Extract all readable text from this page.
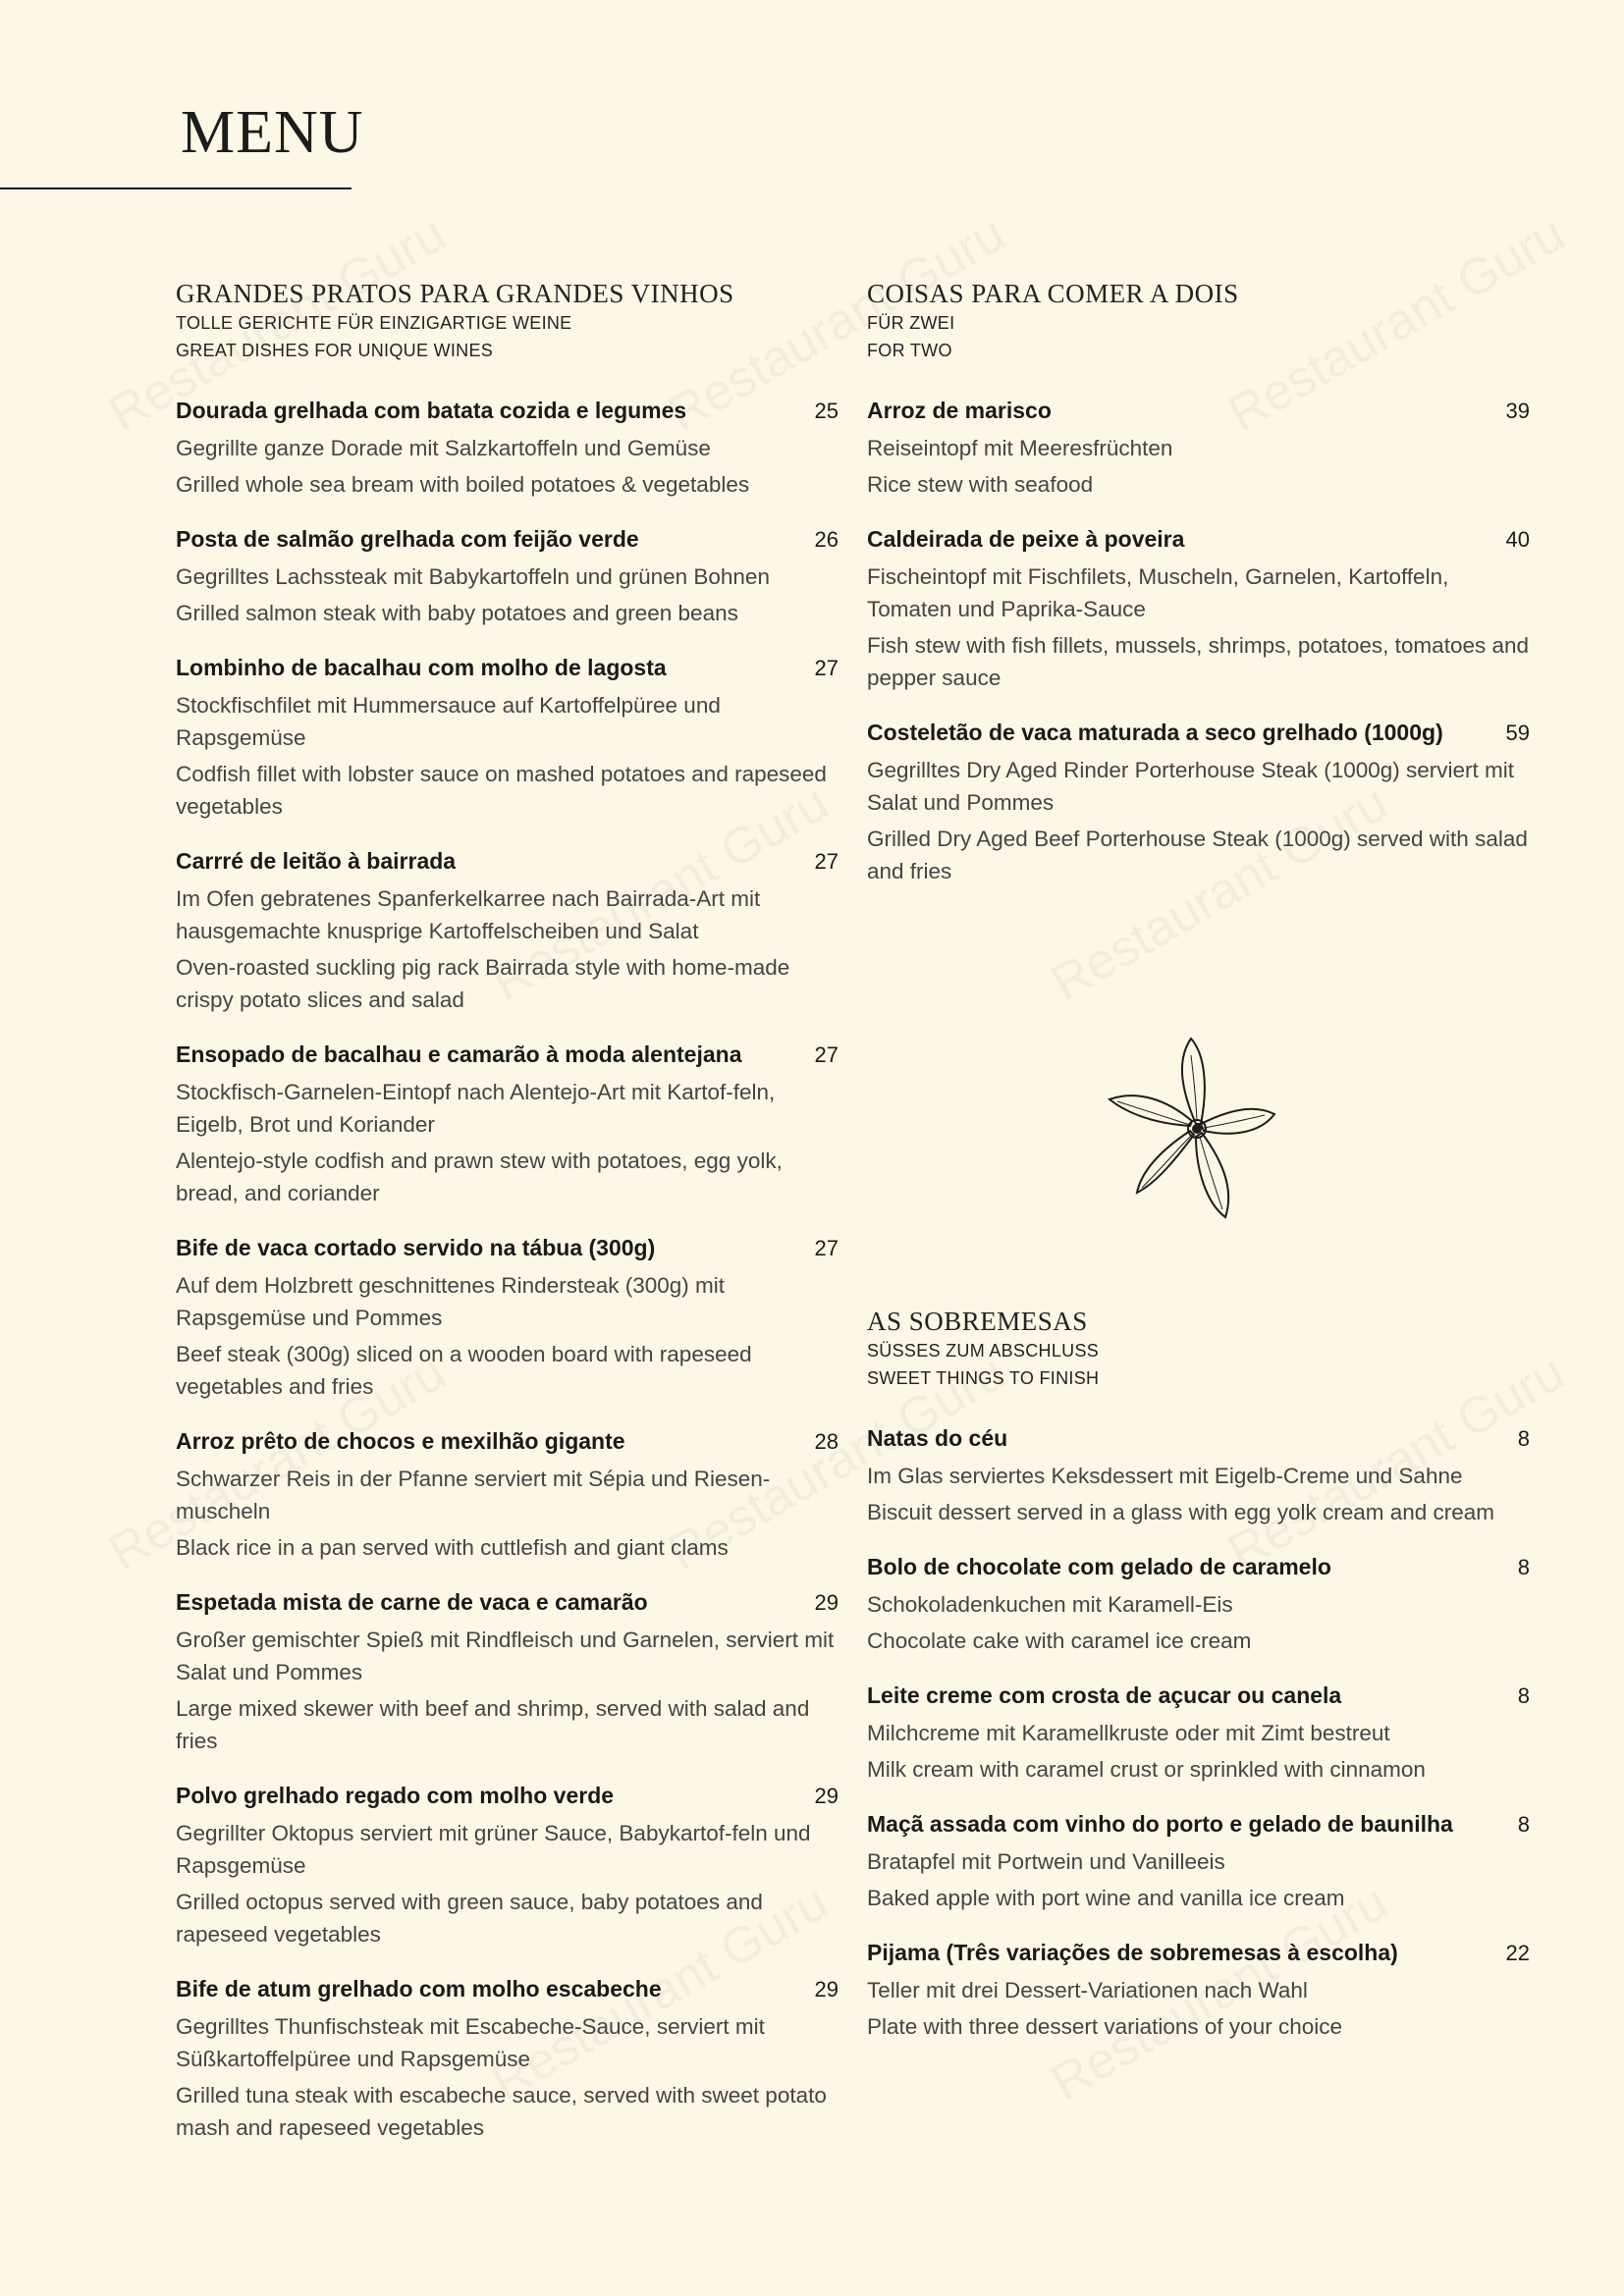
MENU
GRANDES PRATOS PARA GRANDES VINHOS
TOLLE GERICHTE FÜR EINZIGARTIGE WEINE
GREAT DISHES FOR UNIQUE WINES
Dourada grelhada com batata cozida e legumes	25
Gegrillte ganze Dorade mit Salzkartoffeln und Gemüse
Grilled whole sea bream with boiled potatoes & vegetables
Posta de salmão grelhada com feijão verde	26
Gegrilltes Lachssteak mit Babykartoffeln und grünen Bohnen
Grilled salmon steak with baby potatoes and green beans
Lombinho de bacalhau com molho de lagosta	27
Stockfischfilet mit Hummersauce auf Kartoffelpüree und Rapsgemüse
Codfish fillet with lobster sauce on mashed potatoes and rapeseed vegetables
Carrré de leitão à bairrada	27
Im Ofen gebratenes Spanferkelkarree nach Bairrada-Art mit hausgemachte knusprige Kartoffelscheiben und Salat
Oven-roasted suckling pig rack Bairrada style with home-made crispy potato slices and salad
Ensopado de bacalhau e camarão à moda alentejana	27
Stockfisch-Garnelen-Eintopf nach Alentejo-Art mit Kartof-feln, Eigelb, Brot und Koriander
Alentejo-style codfish and prawn stew with potatoes, egg yolk, bread, and coriander
Bife de vaca cortado servido na tábua (300g)	27
Auf dem Holzbrett geschnittenes Rindersteak (300g) mit Rapsgemüse und Pommes
Beef steak (300g) sliced on a wooden board with rapeseed vegetables and fries
Arroz prêto de chocos e mexilhão gigante	28
Schwarzer Reis in der Pfanne serviert mit Sépia und Riesen-muscheln
Black rice in a pan served with cuttlefish and giant clams
Espetada mista de carne de vaca e camarão	29
Großer gemischter Spieß mit Rindfleisch und Garnelen, serviert mit Salat und Pommes
Large mixed skewer with beef and shrimp, served with salad and fries
Polvo grelhado regado com molho verde	29
Gegrillter Oktopus serviert mit grüner Sauce, Babykartof-feln und Rapsgemüse
Grilled octopus served with green sauce, baby potatoes and rapeseed vegetables
Bife de atum grelhado com molho escabeche	29
Gegrilltes Thunfischsteak mit Escabeche-Sauce, serviert mit Süßkartoffelpüree und Rapsgemüse
Grilled tuna steak with escabeche sauce, served with sweet potato mash and rapeseed vegetables
COISAS PARA COMER A DOIS
FÜR ZWEI
FOR TWO
Arroz de marisco	39
Reiseintopf mit Meeresfrüchten
Rice stew with seafood
Caldeirada de peixe à poveira	40
Fischeintopf mit Fischfilets, Muscheln, Garnelen, Kartoffeln, Tomaten und Paprika-Sauce
Fish stew with fish fillets, mussels, shrimps, potatoes, tomatoes and pepper sauce
Costeletão de vaca maturada a seco grelhado (1000g)	59
Gegrilltes Dry Aged Rinder Porterhouse Steak (1000g) serviert mit Salat und Pommes
Grilled Dry Aged Beef Porterhouse Steak (1000g) served with salad and fries
AS SOBREMESAS
SÜSSES ZUM ABSCHLUSS
SWEET THINGS TO FINISH
Natas do céu	8
Im Glas serviertes Keksdessert mit Eigelb-Creme und Sahne
Biscuit dessert served in a glass with egg yolk cream and cream
Bolo de chocolate com gelado de caramelo	8
Schokoladenkuchen mit Karamell-Eis
Chocolate cake with caramel ice cream
Leite creme com crosta de açucar ou canela	8
Milchcreme mit Karamellkruste oder mit Zimt bestreut
Milk cream with caramel crust or sprinkled with cinnamon
Maçã assada com vinho do porto e gelado de baunilha	8
Bratapfel mit Portwein und Vanilleeis
Baked apple with port wine and vanilla ice cream
Pijama (Três variações de sobremesas à escolha)	22
Teller mit drei Dessert-Variationen nach Wahl
Plate with three dessert variations of your choice
